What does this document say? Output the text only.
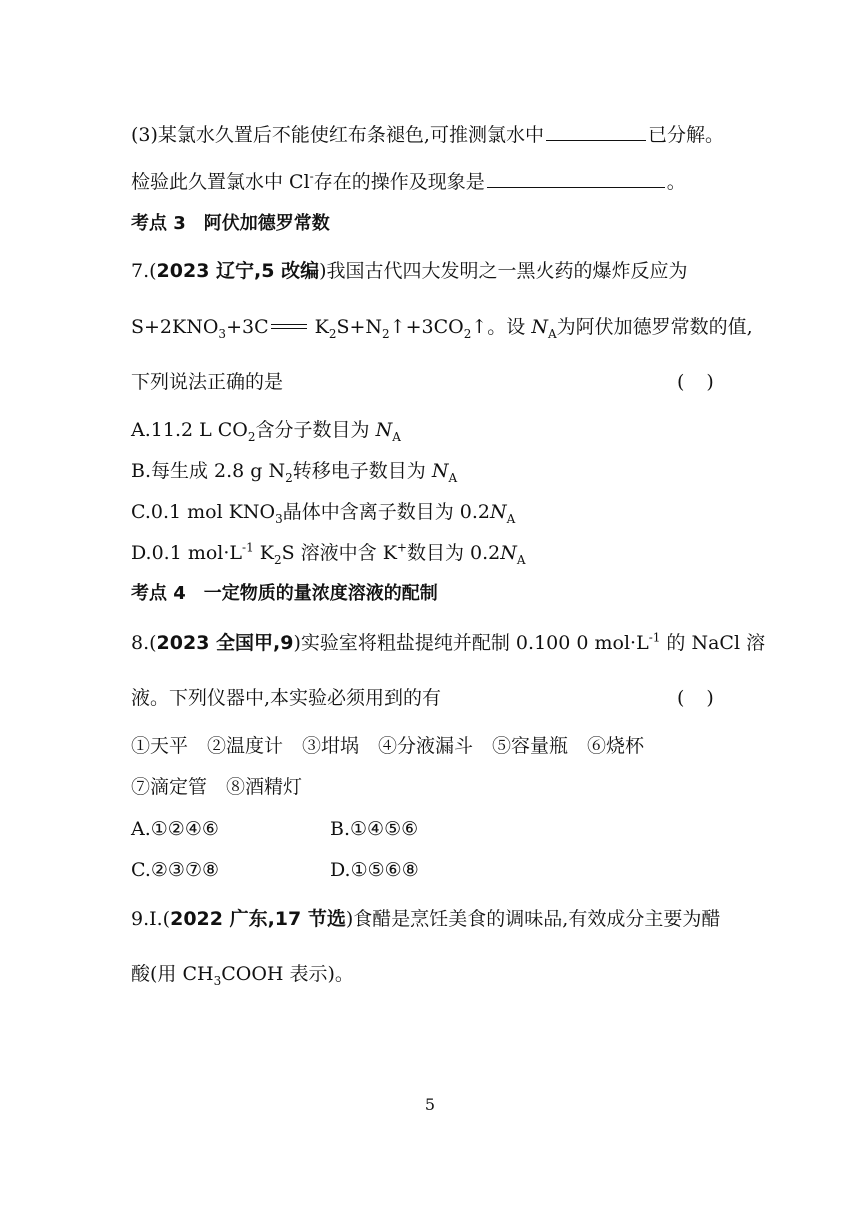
(3)某氯水久置后不能使红布条褪色,可推测氯水中	已分解。
检验此久置氯水中 Cl-存在的操作及现象是	。
考点 3　阿伏加德罗常数
7.(2023 辽宁,5 改编)我国古代四大发明之一黑火药的爆炸反应为
$S+2KNO_3+3C$ $K_2S+N_2↑+3CO_2↑$。设 $N_A$为阿伏加德罗常数的值,
下列说法正确的是	()
A.11.2 L $CO_2$含分子数目为 $N_A$
B.每生成 2.8 g $N_2$转移电子数目为 $N_A$
C.0.1 mol $KNO_3$晶体中含离子数目为 $0.2N_A$
D.0.1 $mol\cdot L^{-1}$ $K_2S$ 溶液中含 K+数目为 $0.2N_A$
考点 4　一定物质的量浓度溶液的配制
8.(2023 全国甲,9)实验室将粗盐提纯并配制 0.100 0 $mol\cdot L^{-1}$ 的 NaCl 溶
液。下列仪器中,本实验必须用到的有	()
①天平　②温度计　③坩埚　④分液漏斗　⑤容量瓶　⑥烧杯
⑦滴定管　⑧酒精灯
A.①②④⑥	B.①④⑤⑥
C.②③⑦⑧	D.①⑤⑥⑧
9.Ⅰ.(2022 广东,17 节选)食醋是烹饪美食的调味品,有效成分主要为醋
酸(用 $CH_3COOH$ 表示)。
5
